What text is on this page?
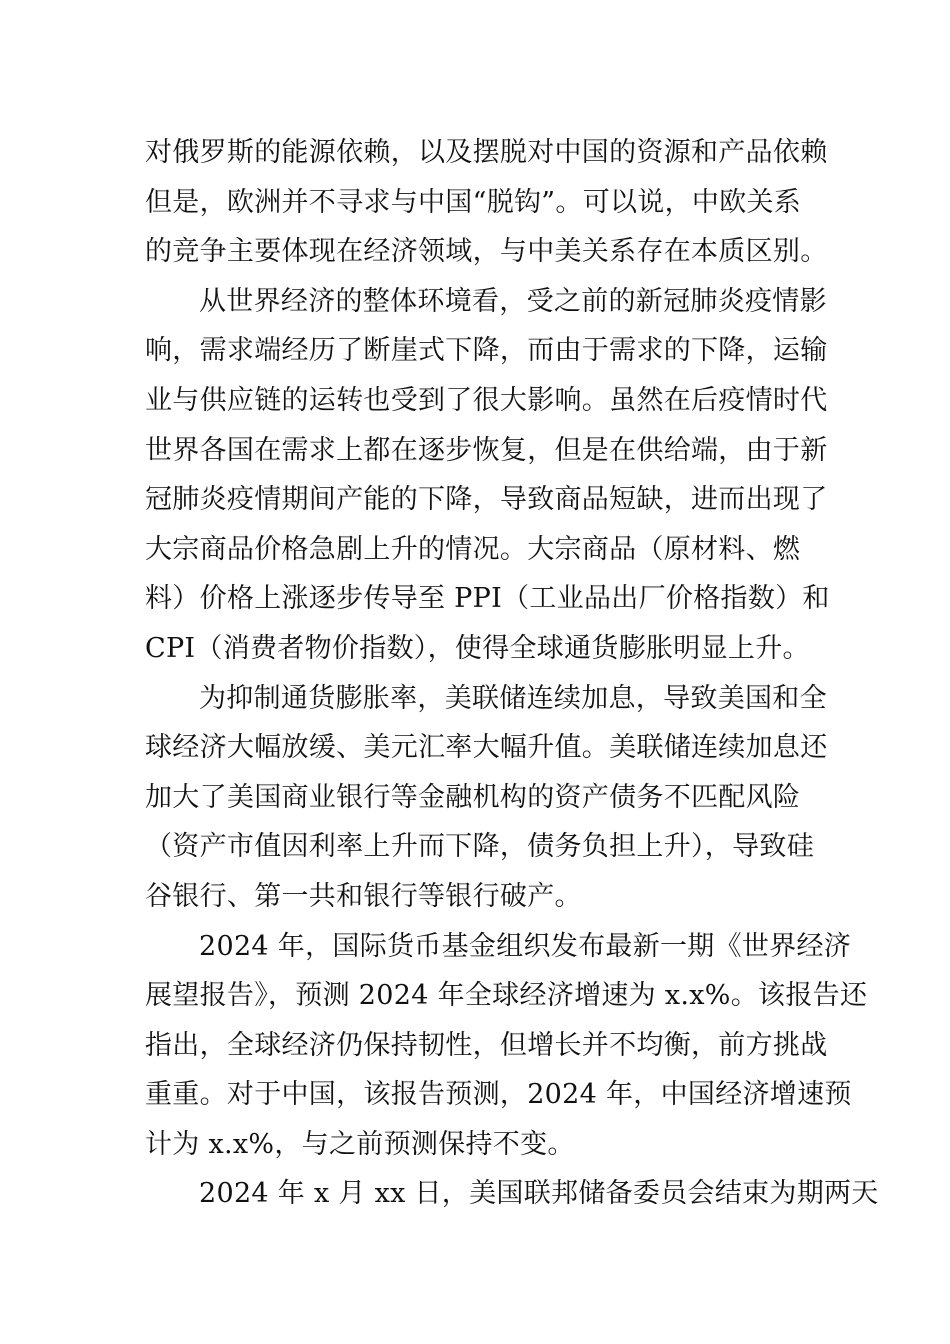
对俄罗斯的能源依赖，以及摆脱对中国的资源和产品依赖
但是，欧洲并不寻求与中国“脱钩”。可以说，中欧关系
的竞争主要体现在经济领域，与中美关系存在本质区别。
从世界经济的整体环境看，受之前的新冠肺炎疫情影
响，需求端经历了断崖式下降，而由于需求的下降，运输
业与供应链的运转也受到了很大影响。虽然在后疫情时代
世界各国在需求上都在逐步恢复，但是在供给端，由于新
冠肺炎疫情期间产能的下降，导致商品短缺，进而出现了
大宗商品价格急剧上升的情况。大宗商品（原材料、燃
料）价格上涨逐步传导至 PPI（工业品出厂价格指数）和
CPI（消费者物价指数），使得全球通货膨胀明显上升。
为抑制通货膨胀率，美联储连续加息，导致美国和全
球经济大幅放缓、美元汇率大幅升值。美联储连续加息还
加大了美国商业银行等金融机构的资产债务不匹配风险
（资产市值因利率上升而下降，债务负担上升），导致硅
谷银行、第一共和银行等银行破产。
2024 年，国际货币基金组织发布最新一期《世界经济
展望报告》，预测 2024 年全球经济增速为 x.x%。该报告还
指出，全球经济仍保持韧性，但增长并不均衡，前方挑战
重重。对于中国，该报告预测，2024 年，中国经济增速预
计为 x.x%，与之前预测保持不变。
2024 年 x 月 xx 日，美国联邦储备委员会结束为期两天
